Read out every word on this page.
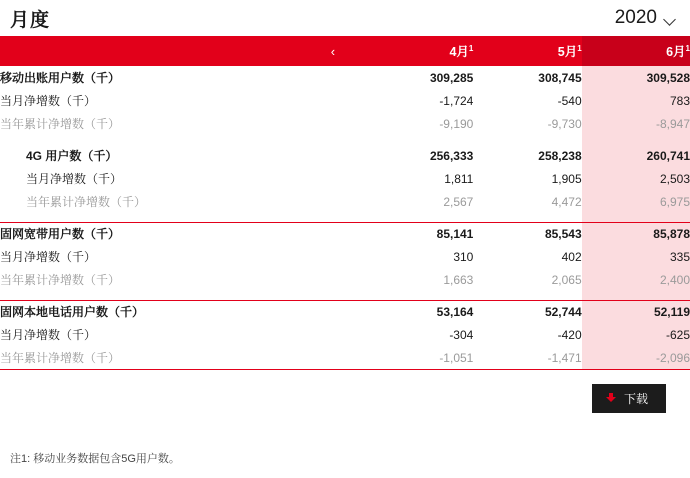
月度	2020
	‹	4月$^1$	5月$^1$	6月$^1$
移动出账用户数（千）		309,285	308,745	309,528
当月净增数（千）		-1,724	-540	783
当年累计净增数（千）		-9,190	-9,730	-8,947

4G 用户数（千）		256,333	258,238	260,741
当月净增数（千）		1,811	1,905	2,503
当年累计净增数（千）		2,567	4,472	6,975

固网宽带用户数（千）		85,141	85,543	85,878
当月净增数（千）		310	402	335
当年累计净增数（千）		1,663	2,065	2,400

固网本地电话用户数（千）		53,164	52,744	52,119
当月净增数（千）		-304	-420	-625
当年累计净增数（千）		-1,051	-1,471	-2,096
下载
注1: 移动业务数据包含5G用户数。
